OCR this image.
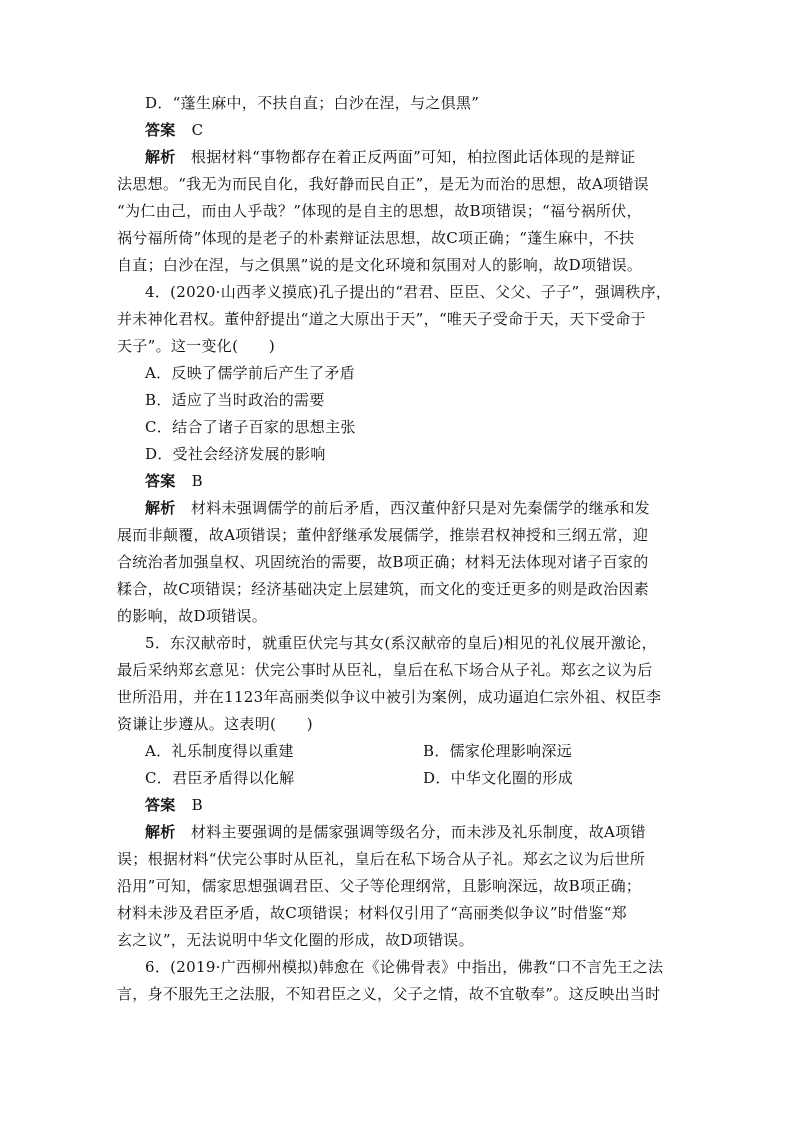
D．“蓬生麻中，不扶自直；白沙在涅，与之俱黑”
答案 C
解析　 根据材料“事物都存在着正反两面”可知，柏拉图此话体现的是辩证
法思想。“我无为而民自化，我好静而民自正”，是无为而治的思想，故A项错误
“为仁由己，而由人乎哉？”体现的是自主的思想，故B项错误；“福兮祸所伏，
祸兮福所倚”体现的是老子的朴素辩证法思想，故C项正确；“蓬生麻中，不扶
自直；白沙在涅，与之俱黑”说的是文化环境和氛围对人的影响，故D项错误。
4．(2020·山西孝义摸底)孔子提出的“君君、臣臣、父父、子子”，强调秩序，
并未神化君权。董仲舒提出“道之大原出于天”，“唯天子受命于天，天下受命于
天子”。这一变化(　　)
A．反映了儒学前后产生了矛盾
B．适应了当时政治的需要
C．结合了诸子百家的思想主张
D．受社会经济发展的影响
答案 B
解析　 材料未强调儒学的前后矛盾，西汉董仲舒只是对先秦儒学的继承和发
展而非颠覆，故A项错误；董仲舒继承发展儒学，推崇君权神授和三纲五常，迎
合统治者加强皇权、巩固统治的需要，故B项正确；材料无法体现对诸子百家的
糅合，故C项错误；经济基础决定上层建筑，而文化的变迁更多的则是政治因素
的影响，故D项错误。
5．东汉献帝时，就重臣伏完与其女(系汉献帝的皇后)相见的礼仪展开激论，
最后采纳郑玄意见：伏完公事时从臣礼，皇后在私下场合从子礼。郑玄之议为后
世所沿用，并在1123年高丽类似争议中被引为案例，成功逼迫仁宗外祖、权臣李
资谦让步遵从。这表明(　　)
A．礼乐制度得以重建	B．儒家伦理影响深远
C．君臣矛盾得以化解	D．中华文化圈的形成
答案 B
解析　 材料主要强调的是儒家强调等级名分，而未涉及礼乐制度，故A项错
误；根据材料“伏完公事时从臣礼，皇后在私下场合从子礼。郑玄之议为后世所
沿用”可知，儒家思想强调君臣、父子等伦理纲常，且影响深远，故B项正确；
材料未涉及君臣矛盾，故C项错误；材料仅引用了“高丽类似争议”时借鉴“郑
玄之议”，无法说明中华文化圈的形成，故D项错误。
6．(2019·广西柳州模拟)韩愈在《论佛骨表》中指出，佛教“口不言先王之法
言，身不服先王之法服，不知君臣之义，父子之情，故不宜敬奉”。这反映出当时
